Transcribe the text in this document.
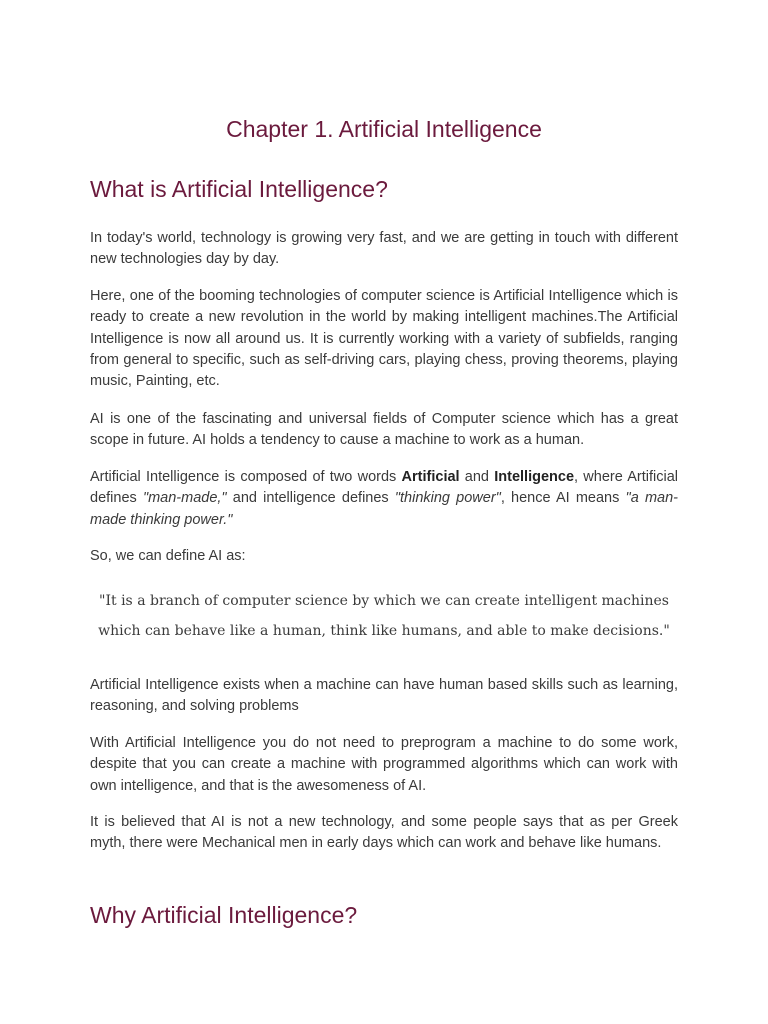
Chapter 1. Artificial Intelligence
What is Artificial Intelligence?

In today's world, technology is growing very fast, and we are getting in touch with different new technologies day by day.

Here, one of the booming technologies of computer science is Artificial Intelligence which is ready to create a new revolution in the world by making intelligent machines.The Artificial Intelligence is now all around us. It is currently working with a variety of subfields, ranging from general to specific, such as self-driving cars, playing chess, proving theorems, playing music, Painting, etc.

AI is one of the fascinating and universal fields of Computer science which has a great scope in future. AI holds a tendency to cause a machine to work as a human.

Artificial Intelligence is composed of two words Artificial and Intelligence, where Artificial defines "man-made," and intelligence defines "thinking power", hence AI means "a man-made thinking power."

So, we can define AI as:

"It is a branch of computer science by which we can create intelligent machines
which can behave like a human, think like humans, and able to make decisions."

Artificial Intelligence exists when a machine can have human based skills such as learning, reasoning, and solving problems

With Artificial Intelligence you do not need to preprogram a machine to do some work, despite that you can create a machine with programmed algorithms which can work with own intelligence, and that is the awesomeness of AI.

It is believed that AI is not a new technology, and some people says that as per Greek myth, there were Mechanical men in early days which can work and behave like humans.

Why Artificial Intelligence?
